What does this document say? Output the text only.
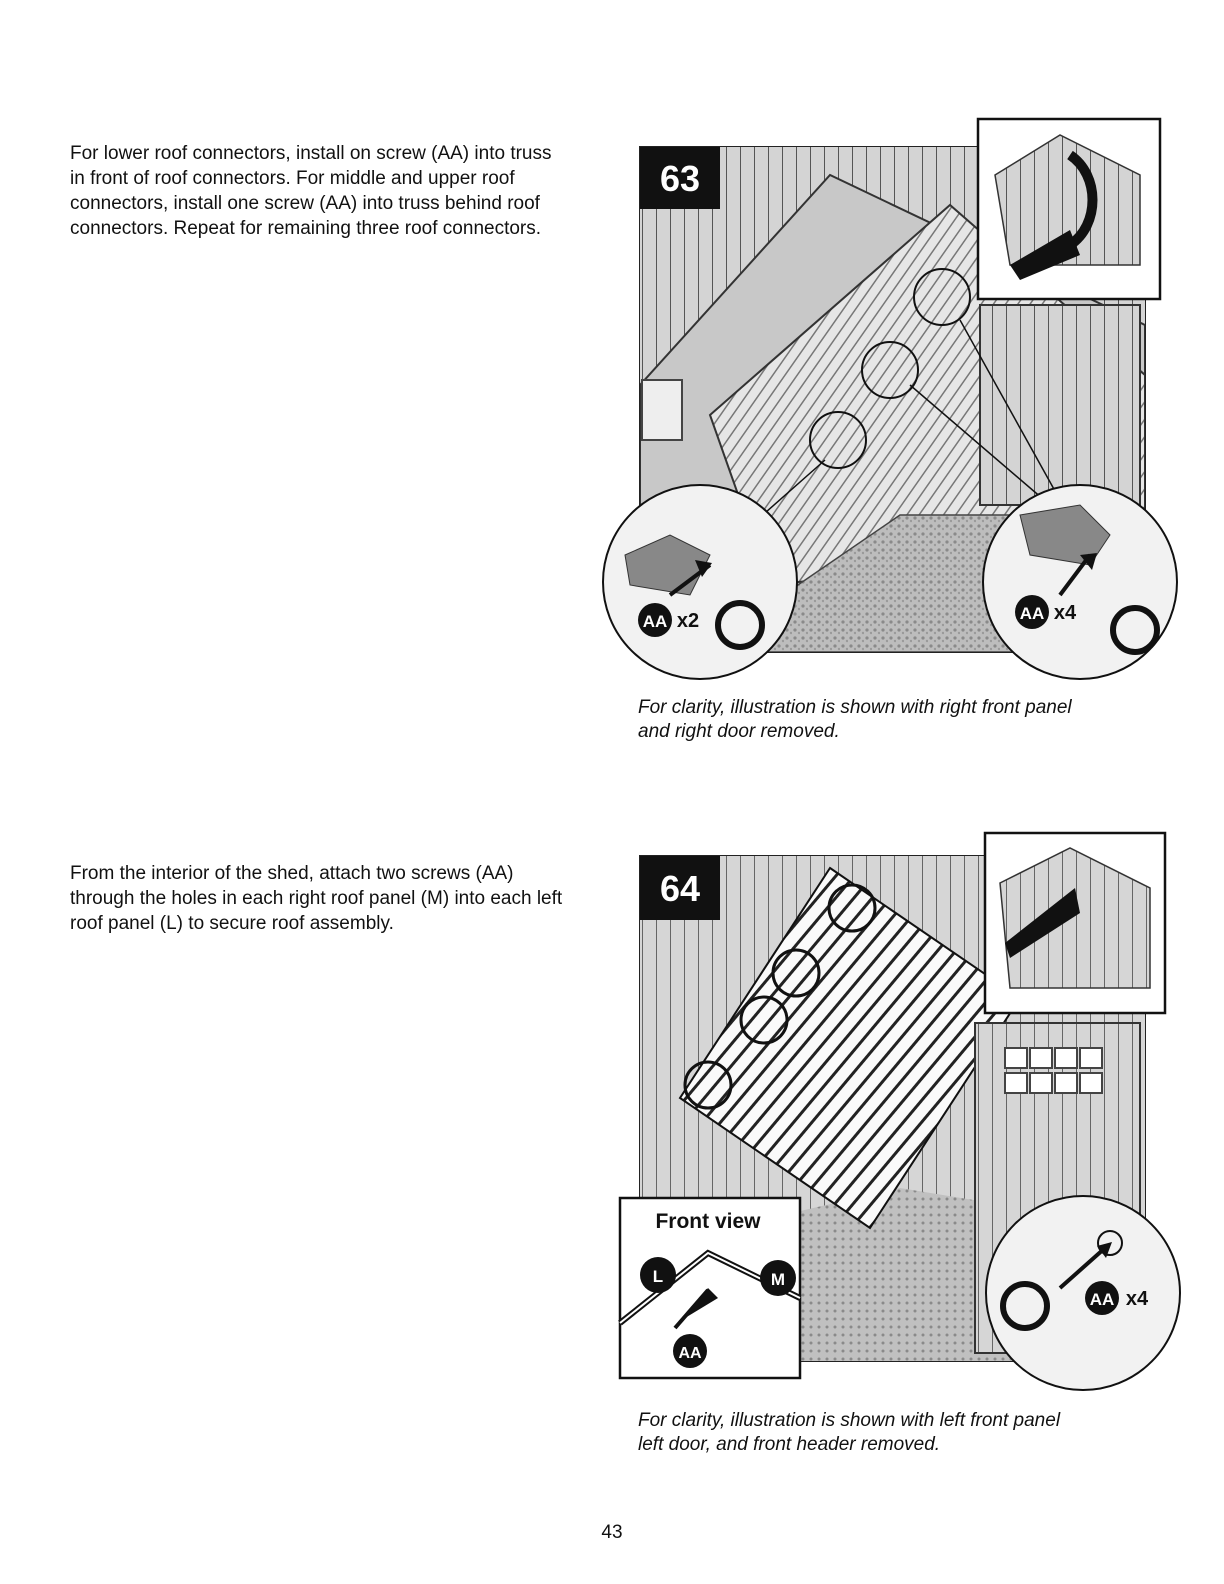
For lower roof connectors, install on screw (AA) into truss in front of roof connectors. For middle and upper roof connectors, install one screw (AA) into truss behind roof connectors. Repeat for remaining three roof connectors.

63
AA x2	AA x4

For clarity, illustration is shown with right front panel
and right door removed.

From the interior of the shed, attach two screws (AA) through the holes in each right roof panel (M) into each left roof panel (L) to secure roof assembly.

64
Front view
L	M
AA
AA x4

For clarity, illustration is shown with left front panel
left door, and front header removed.

43
